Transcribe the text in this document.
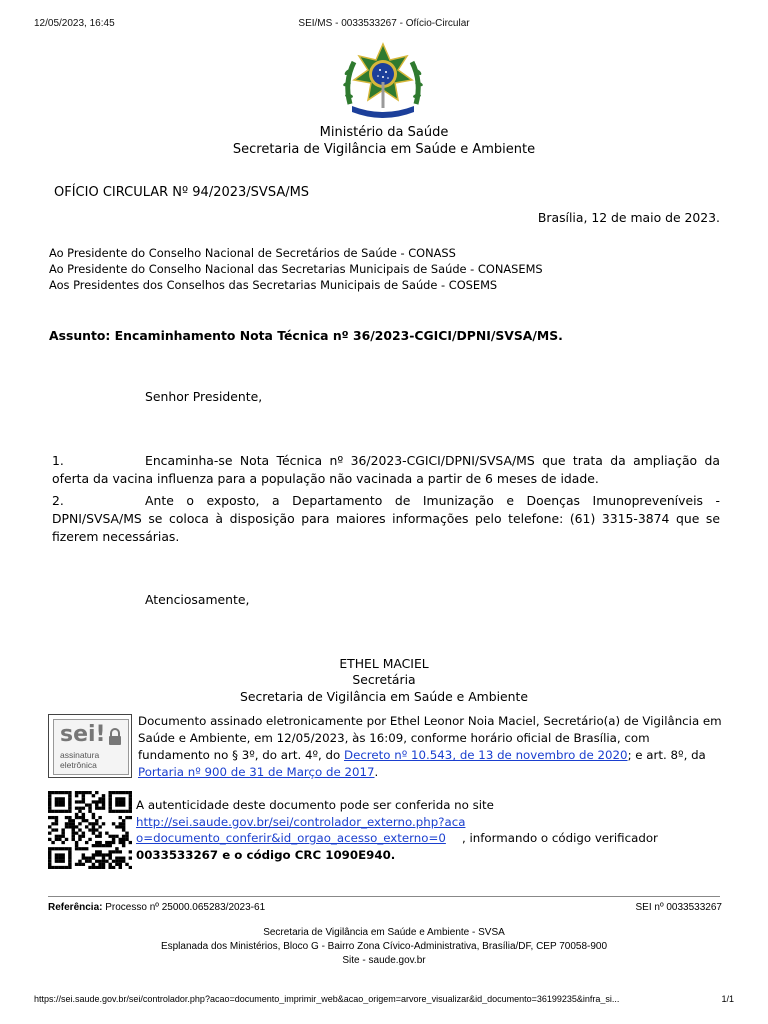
12/05/2023, 16:45	SEI/MS - 0033533267 - Ofício-Circular
Ministério da Saúde
Secretaria de Vigilância em Saúde e Ambiente
OFÍCIO CIRCULAR Nº 94/2023/SVSA/MS
Brasília, 12 de maio de 2023.
Ao Presidente do Conselho Nacional de Secretários de Saúde - CONASS
Ao Presidente do Conselho Nacional das Secretarias Municipais de Saúde - CONASEMS
Aos Presidentes dos Conselhos das Secretarias Municipais de Saúde - COSEMS
Assunto: Encaminhamento Nota Técnica nº 36/2023-CGICI/DPNI/SVSA/MS.
Senhor Presidente,
1.	Encaminha-se Nota Técnica nº 36/2023-CGICI/DPNI/SVSA/MS que trata da ampliação da
oferta da vacina influenza para a população não vacinada a partir de 6 meses de idade.
2.	Ante o exposto, a Departamento de Imunização e Doenças Imunopreveníveis -
DPNI/SVSA/MS se coloca à disposição para maiores informações pelo telefone: (61) 3315-3874 que se fizerem necessárias.
Atenciosamente,
ETHEL MACIEL
Secretária
Secretaria de Vigilância em Saúde e Ambiente
sei!
assinatura
eletrônica
Documento assinado eletronicamente por Ethel Leonor Noia Maciel, Secretário(a) de Vigilância em Saúde e Ambiente, em 12/05/2023, às 16:09, conforme horário oficial de Brasília, com fundamento no § 3º, do art. 4º, do Decreto nº 10.543, de 13 de novembro de 2020; e art. 8º, da Portaria nº 900 de 31 de Março de 2017.
A autenticidade deste documento pode ser conferida no site
http://sei.saude.gov.br/sei/controlador_externo.php?acao=documento_conferir&id_orgao_acesso_externo=0
0033533267 e o código CRC 1090E940.
, informando o código verificador
Referência: Processo nº 25000.065283/2023-61	SEI nº 0033533267
Secretaria de Vigilância em Saúde e Ambiente - SVSA
Esplanada dos Ministérios, Bloco G - Bairro Zona Cívico-Administrativa, Brasília/DF, CEP 70058-900
Site - saude.gov.br
https://sei.saude.gov.br/sei/controlador.php?acao=documento_imprimir_web&acao_origem=arvore_visualizar&id_documento=36199235&infra_si...	1/1
